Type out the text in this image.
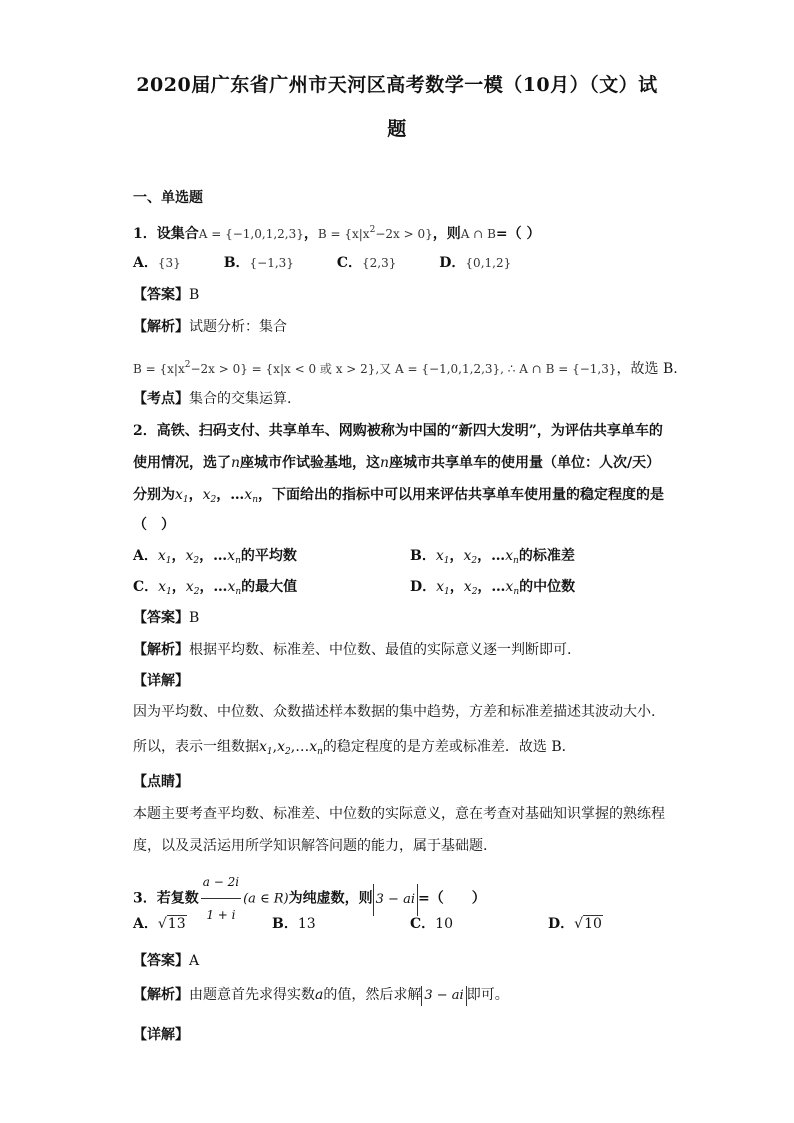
2020届广东省广州市天河区高考数学一模（10月）（文）试
题
一、单选题
1．设集合A = {−1,0,1,2,3}，$B = \{x|x^2-2x > 0\}$，则A ∩ B=（ ）
A．{3}	B．{−1,3}	C．{2,3}	D．{0,1,2}
【答案】B
【解析】试题分析：集合
$B = \{x|x^2-2x > 0\} = \{x|x < 0$ 或 x > 2},又 A = {−1,0,1,2,3}, ∴ A ∩ B = {−1,3}，故选 B.
【考点】集合的交集运算.
2．高铁、扫码支付、共享单车、网购被称为中国的“新四大发明”，为评估共享单车的
使用情况，选了n座城市作试验基地，这n座城市共享单车的使用量（单位：人次/天）
分别为$x_1$，$x_2$，$\dots x_n$，下面给出的指标中可以用来评估共享单车使用量的稳定程度的是
（　）
A．$x_1$，$x_2$，$\dots x_n$的平均数	B．$x_1$，$x_2$，$\dots x_n$的标准差
C．$x_1$，$x_2$，$\dots x_n$的最大值	D．$x_1$，$x_2$，$\dots x_n$的中位数
【答案】B
【解析】根据平均数、标准差、中位数、最值的实际意义逐一判断即可.
【详解】
因为平均数、中位数、众数描述样本数据的集中趋势，方差和标准差描述其波动大小.
所以，表示一组数据$x_1,x_2,\dots x_n$的稳定程度的是方差或标准差．故选 B．
【点睛】
本题主要考查平均数、标准差、中位数的实际意义，意在考查对基础知识掌握的熟练程
度，以及灵活运用所学知识解答问题的能力，属于基础题.
3．若复数 $\frac{a - 2i}{1 + i} (a$ ∈ R)为纯虚数，则 3 − ai =（　　）
A．√13	B．13	C．10	D．√10
【答案】A
【解析】由题意首先求得实数a的值，然后求解 3 − ai 即可。
【详解】
